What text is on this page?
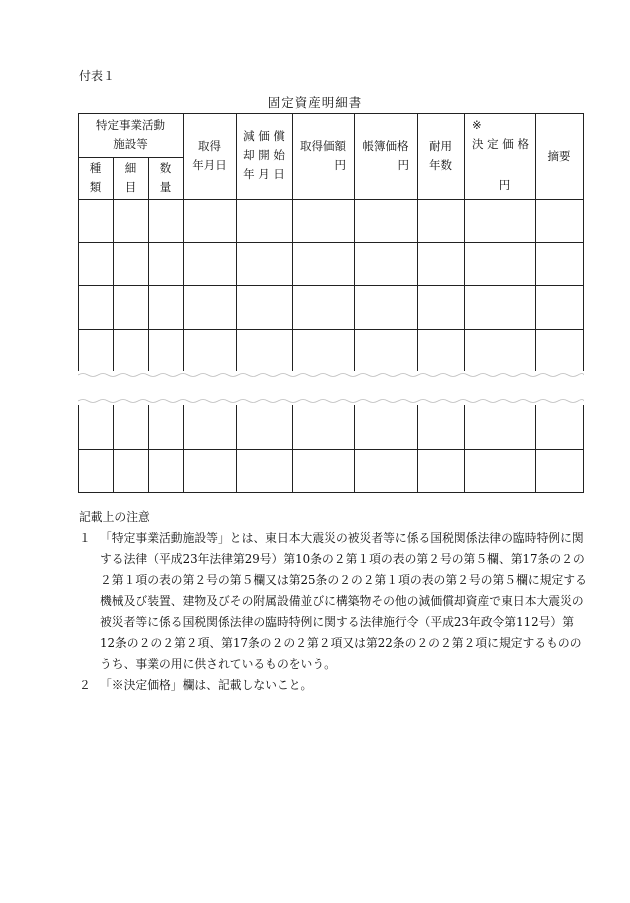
付表１
固定資産明細書
特定事業活動
施設等
種
類
細
目
数
量
取得
年月日
減 価 償
却 開 始
年 月 日
取得価額
円
帳簿価格
円
耐用
年数
※
決 定 価 格
円
摘要
記載上の注意
１ 「特定事業活動施設等」とは、東日本大震災の被災者等に係る国税関係法律の臨時特例に関する法律（平成23年法律第29号）第10条の２第１項の表の第２号の第５欄、第17条の２の２第１項の表の第２号の第５欄又は第25条の２の２第１項の表の第２号の第５欄に規定する機械及び装置、建物及びその附属設備並びに構築物その他の減価償却資産で東日本大震災の被災者等に係る国税関係法律の臨時特例に関する法律施行令（平成23年政令第112号）第12条の２の２第２項、第17条の２の２第２項又は第22条の２の２第２項に規定するもののうち、事業の用に供されているものをいう。
２ 「※決定価格」欄は、記載しないこと。
